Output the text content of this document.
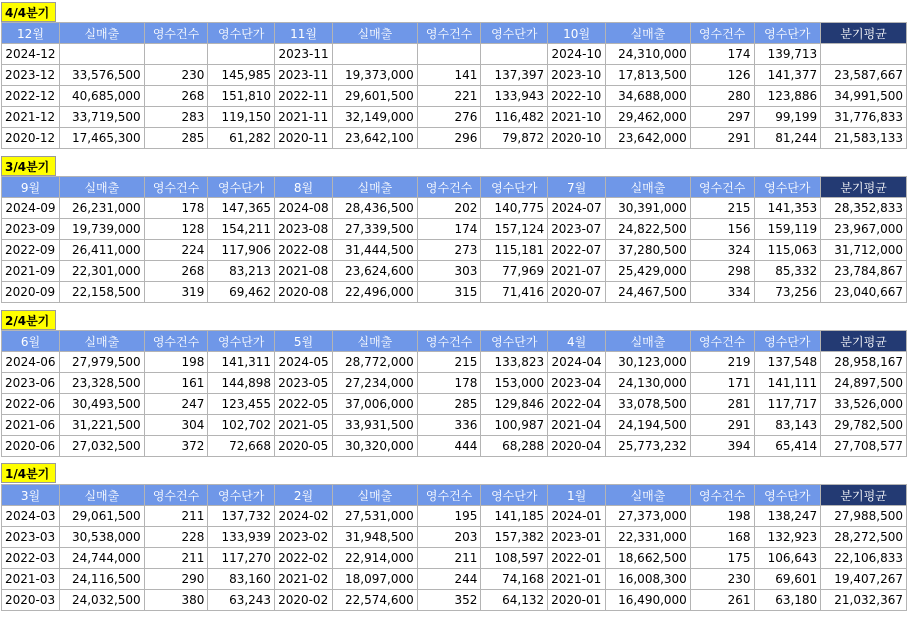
4/4분기
12월	실매출	영수건수	영수단가	11월	실매출	영수건수	영수단가	10월	실매출	영수건수	영수단가	분기평균
2024-12				2023-11				2024-10	24,310,000	174	139,713	
2023-12	33,576,500	230	145,985	2023-11	19,373,000	141	137,397	2023-10	17,813,500	126	141,377	23,587,667
2022-12	40,685,000	268	151,810	2022-11	29,601,500	221	133,943	2022-10	34,688,000	280	123,886	34,991,500
2021-12	33,719,500	283	119,150	2021-11	32,149,000	276	116,482	2021-10	29,462,000	297	99,199	31,776,833
2020-12	17,465,300	285	61,282	2020-11	23,642,100	296	79,872	2020-10	23,642,000	291	81,244	21,583,133
3/4분기
9월	실매출	영수건수	영수단가	8월	실매출	영수건수	영수단가	7월	실매출	영수건수	영수단가	분기평균
2024-09	26,231,000	178	147,365	2024-08	28,436,500	202	140,775	2024-07	30,391,000	215	141,353	28,352,833
2023-09	19,739,000	128	154,211	2023-08	27,339,500	174	157,124	2023-07	24,822,500	156	159,119	23,967,000
2022-09	26,411,000	224	117,906	2022-08	31,444,500	273	115,181	2022-07	37,280,500	324	115,063	31,712,000
2021-09	22,301,000	268	83,213	2021-08	23,624,600	303	77,969	2021-07	25,429,000	298	85,332	23,784,867
2020-09	22,158,500	319	69,462	2020-08	22,496,000	315	71,416	2020-07	24,467,500	334	73,256	23,040,667
2/4분기
6월	실매출	영수건수	영수단가	5월	실매출	영수건수	영수단가	4월	실매출	영수건수	영수단가	분기평균
2024-06	27,979,500	198	141,311	2024-05	28,772,000	215	133,823	2024-04	30,123,000	219	137,548	28,958,167
2023-06	23,328,500	161	144,898	2023-05	27,234,000	178	153,000	2023-04	24,130,000	171	141,111	24,897,500
2022-06	30,493,500	247	123,455	2022-05	37,006,000	285	129,846	2022-04	33,078,500	281	117,717	33,526,000
2021-06	31,221,500	304	102,702	2021-05	33,931,500	336	100,987	2021-04	24,194,500	291	83,143	29,782,500
2020-06	27,032,500	372	72,668	2020-05	30,320,000	444	68,288	2020-04	25,773,232	394	65,414	27,708,577
1/4분기
3월	실매출	영수건수	영수단가	2월	실매출	영수건수	영수단가	1월	실매출	영수건수	영수단가	분기평균
2024-03	29,061,500	211	137,732	2024-02	27,531,000	195	141,185	2024-01	27,373,000	198	138,247	27,988,500
2023-03	30,538,000	228	133,939	2023-02	31,948,500	203	157,382	2023-01	22,331,000	168	132,923	28,272,500
2022-03	24,744,000	211	117,270	2022-02	22,914,000	211	108,597	2022-01	18,662,500	175	106,643	22,106,833
2021-03	24,116,500	290	83,160	2021-02	18,097,000	244	74,168	2021-01	16,008,300	230	69,601	19,407,267
2020-03	24,032,500	380	63,243	2020-02	22,574,600	352	64,132	2020-01	16,490,000	261	63,180	21,032,367
